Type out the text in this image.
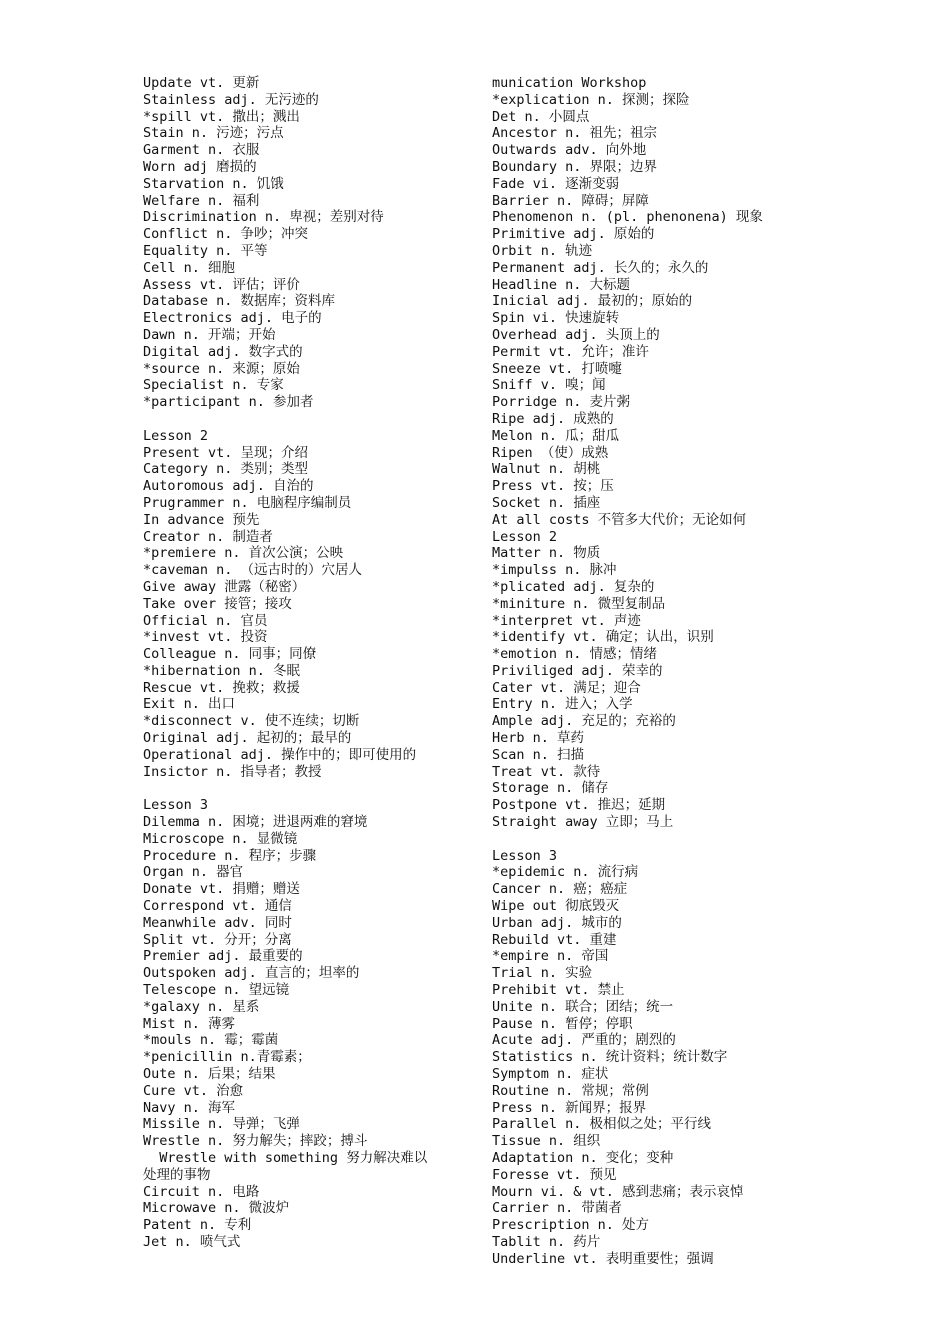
Update vt. 更新
Stainless adj. 无污迹的
*spill vt. 撒出；溅出
Stain n. 污迹；污点
Garment n. 衣服
Worn adj 磨损的
Starvation n. 饥饿
Welfare n. 福利
Discrimination n. 卑视；差别对待
Conflict n. 争吵；冲突
Equality n. 平等
Cell n. 细胞
Assess vt. 评估；评价
Database n. 数据库；资料库
Electronics adj. 电子的
Dawn n. 开端；开始
Digital adj. 数字式的
*source n. 来源；原始
Specialist n. 专家
*participant n. 参加者
Lesson 2
Present vt. 呈现；介绍
Category n. 类别；类型
Autoromous adj. 自治的
Prugrammer n. 电脑程序编制员
In advance 预先
Creator n. 制造者
*premiere n. 首次公演；公映
*caveman n. （远古时的）穴居人
Give away 泄露（秘密）
Take over 接管；接攻
Official n. 官员
*invest vt. 投资
Colleague n. 同事；同僚
*hibernation n. 冬眠
Rescue vt. 挽救；救援
Exit n. 出口
*disconnect v. 使不连续；切断
Original adj. 起初的；最早的
Operational adj. 操作中的；即可使用的
Insictor n. 指导者；教授
Lesson 3
Dilemma n. 困境；进退两难的窘境
Microscope n. 显微镜
Procedure n. 程序；步骤
Organ n. 器官
Donate vt. 捐赠；赠送
Correspond vt. 通信
Meanwhile adv. 同时
Split vt. 分开；分离
Premier adj. 最重要的
Outspoken adj. 直言的；坦率的
Telescope n. 望远镜
*galaxy n. 星系
Mist n. 薄雾
*mouls n. 霉；霉菌
*penicillin n.青霉素；
Oute n. 后果；结果
Cure vt. 治愈
Navy n. 海军
Missile n. 导弹；飞弹
Wrestle n. 努力解失；摔跤；搏斗
Wrestle with something 努力解决难以
处理的事物
Circuit n. 电路
Microwave n. 微波炉
Patent n. 专利
Jet n. 喷气式
munication Workshop
*explication n. 探测；探险
Det n. 小圆点
Ancestor n. 祖先；祖宗
Outwards adv. 向外地
Boundary n. 界限；边界
Fade vi. 逐渐变弱
Barrier n. 障碍；屏障
Phenomenon n. (pl. phenonena) 现象
Primitive adj. 原始的
Orbit n. 轨迹
Permanent adj. 长久的；永久的
Headline n. 大标题
Inicial adj. 最初的；原始的
Spin vi. 快速旋转
Overhead adj. 头顶上的
Permit vt. 允许；准许
Sneeze vt. 打喷嚏
Sniff v. 嗅；闻
Porridge n. 麦片粥
Ripe adj. 成熟的
Melon n. 瓜；甜瓜
Ripen （使）成熟
Walnut n. 胡桃
Press vt. 按；压
Socket n. 插座
At all costs 不管多大代价；无论如何
Lesson 2
Matter n. 物质
*impulss n. 脉冲
*plicated adj. 复杂的
*miniture n. 微型复制品
*interpret vt. 声迹
*identify vt. 确定；认出，识别
*emotion n. 情感；情绪
Priviliged adj. 荣幸的
Cater vt. 满足；迎合
Entry n. 进入；入学
Ample adj. 充足的；充裕的
Herb n. 草药
Scan n. 扫描
Treat vt. 款待
Storage n. 储存
Postpone vt. 推迟；延期
Straight away 立即；马上
Lesson 3
*epidemic n. 流行病
Cancer n. 癌；癌症
Wipe out 彻底毁灭
Urban adj. 城市的
Rebuild vt. 重建
*empire n. 帝国
Trial n. 实验
Prehibit vt. 禁止
Unite n. 联合；团结；统一
Pause n. 暂停；停职
Acute adj. 严重的；剧烈的
Statistics n. 统计资料；统计数字
Symptom n. 症状
Routine n. 常规；常例
Press n. 新闻界；报界
Parallel n. 极相似之处；平行线
Tissue n. 组织
Adaptation n. 变化；变种
Foresse vt. 预见
Mourn vi. & vt. 感到悲痛；表示哀悼
Carrier n. 带菌者
Prescription n. 处方
Tablit n. 药片
Underline vt. 表明重要性；强调
